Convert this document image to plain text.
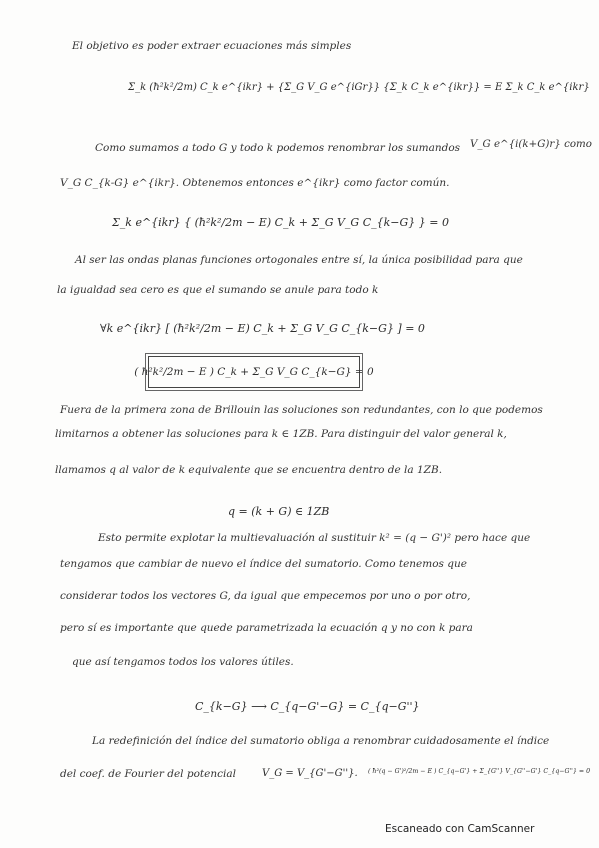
El objetivo es poder extraer ecuaciones más simples
Σ_k (ħ²k²/2m) C_k e^{ikr} + {Σ_G V_G e^{iGr}} {Σ_k C_k e^{ikr}} = E Σ_k C_k e^{ikr}
Como sumamos a todo G y todo k podemos renombrar los sumandos V_G e^{i(k+G)r} como
V_G C_{k-G} e^{ikr}. Obtenemos entonces e^{ikr} como factor común.
Σ_k e^{ikr} { (ħ²k²/2m − E) C_k + Σ_G V_G C_{k−G} } = 0
Al ser las ondas planas funciones ortogonales entre sí, la única posibilidad para que
la igualdad sea cero es que el sumando se anule para todo k
∀k e^{ikr} [ (ħ²k²/2m − E) C_k + Σ_G V_G C_{k−G} ] = 0
( ħ²k²/2m − E ) C_k + Σ_G V_G C_{k−G} = 0
Fuera de la primera zona de Brillouin las soluciones son redundantes, con lo que podemos
limitarnos a obtener las soluciones para k ∈ 1ZB. Para distinguir del valor general k,
llamamos q al valor de k equivalente que se encuentra dentro de la 1ZB.
q = (k + G) ∈ 1ZB
Esto permite explotar la multievaluación al sustituir k² = (q − G')² pero hace que
tengamos que cambiar de nuevo el índice del sumatorio. Como tenemos que
considerar todos los vectores G, da igual que empecemos por uno o por otro,
pero sí es importante que quede parametrizada la ecuación q y no con k para
que así tengamos todos los valores útiles.
C_{k−G} ⟶ C_{q−G'−G} = C_{q−G''}
La redefinición del índice del sumatorio obliga a renombrar cuidadosamente el índice
del coef. de Fourier del potencial	V_G = V_{G'−G''}. ( ħ²(q − G')²/2m − E ) C_{q−G'} + Σ_{G''} V_{G''−G'} C_{q−G''} = 0
Escaneado con CamScanner
